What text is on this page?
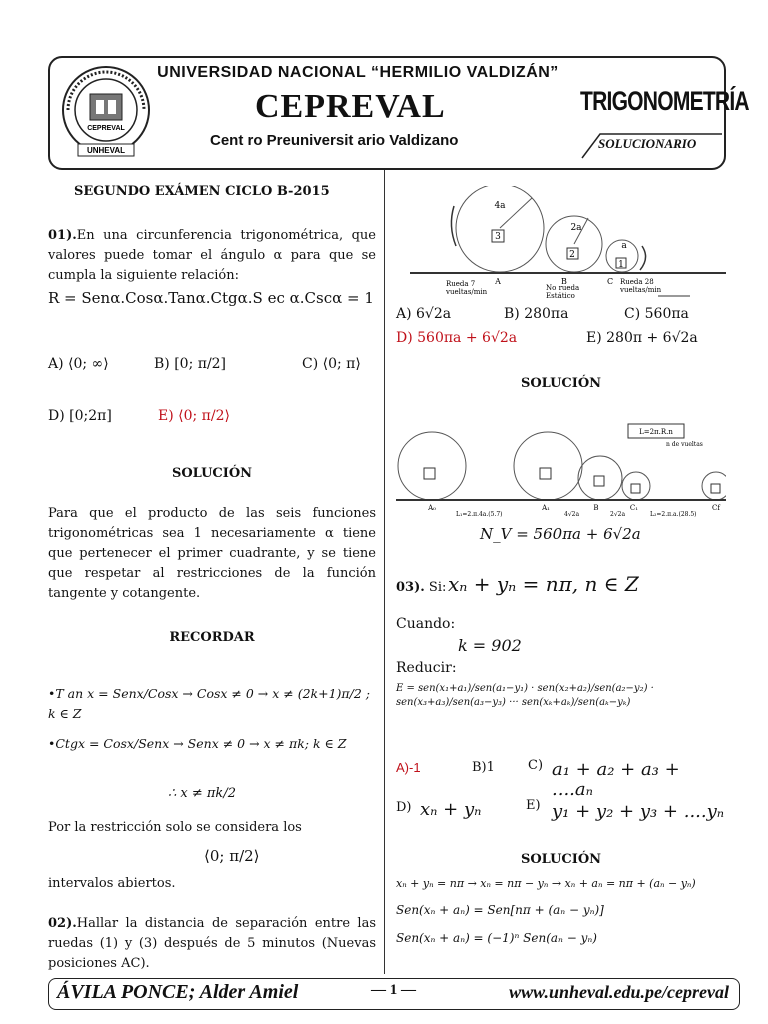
CEPREVAL
UNHEVAL
UNIVERSIDAD NACIONAL “HERMILIO VALDIZÁN”
CEPREVAL
Cent ro Preuniversit ario Valdizano
TRIGONOMETRÍA
SOLUCIONARIO
SEGUNDO EXÁMEN CICLO B-2015
01).En una circunferencia trigonométrica, que valores puede tomar el ángulo α para que se cumpla la siguiente relación:
R = Senα.Cosα.Tanα.Ctgα.S ec α.Cscα = 1
A) ⟨0; ∞⟩	B) [0; π/2]	C) ⟨0; π⟩
D) [0;2π]	E) ⟨0; π/2⟩
SOLUCIÓN
Para que el producto de las seis funciones trigonométricas sea 1 necesariamente α tiene que pertenecer el primer cuadrante, y se tiene que respetar al restricciones de la función tangente y cotangente.
RECORDAR
•T an x = Senx/Cosx → Cosx ≠ 0 → x ≠ (2k+1)π/2 ; k ∈ Z
•Ctgx = Cosx/Senx → Senx ≠ 0 → x ≠ πk; k ∈ Z
∴ x ≠ πk/2
Por la restricción solo se considera los
⟨0; π/2⟩
intervalos abiertos.
02).Hallar la distancia de separación entre las ruedas (1) y (3) después de 5 minutos (Nuevas posiciones AC).
4a
3
2a
2
a
1
A	B	C
Rueda 7
vueltas/min	No rueda
Estático
Rueda 28
vueltas/min
A) 6√2a	B) 280πa	C) 560πa
D) 560πa + 6√2a	E) 280π + 6√2a
SOLUCIÓN
L=2π.R.n
n de vueltas
A₀	A₁	B	C₁	Cf
L₁=2.π.4a.(5.7)	4√2a	2√2a	L₂=2.π.a.(28.5)
N_V = 560πa + 6√2a
03). Si: xₙ + yₙ = nπ, n ∈ Z
Cuando:
k = 902
Reducir:
E = sen(x₁+a₁)/sen(a₁−y₁) · sen(x₂+a₂)/sen(a₂−y₂) · sen(x₃+a₃)/sen(a₃−y₃) ··· sen(xₖ+aₖ)/sen(aₖ−yₖ)
A)-1	B)1	C) a₁ + a₂ + a₃ + ....aₙ
D) xₙ + yₙ	E) y₁ + y₂ + y₃ + ....yₙ
SOLUCIÓN
xₙ + yₙ = nπ → xₙ = nπ − yₙ → xₙ + aₙ = nπ + (aₙ − yₙ)
Sen(xₙ + aₙ) = Sen[nπ + (aₙ − yₙ)]
Sen(xₙ + aₙ) = (−1)ⁿ Sen(aₙ − yₙ)
ÁVILA PONCE; Alder Amiel	— 1 —	www.unheval.edu.pe/cepreval
